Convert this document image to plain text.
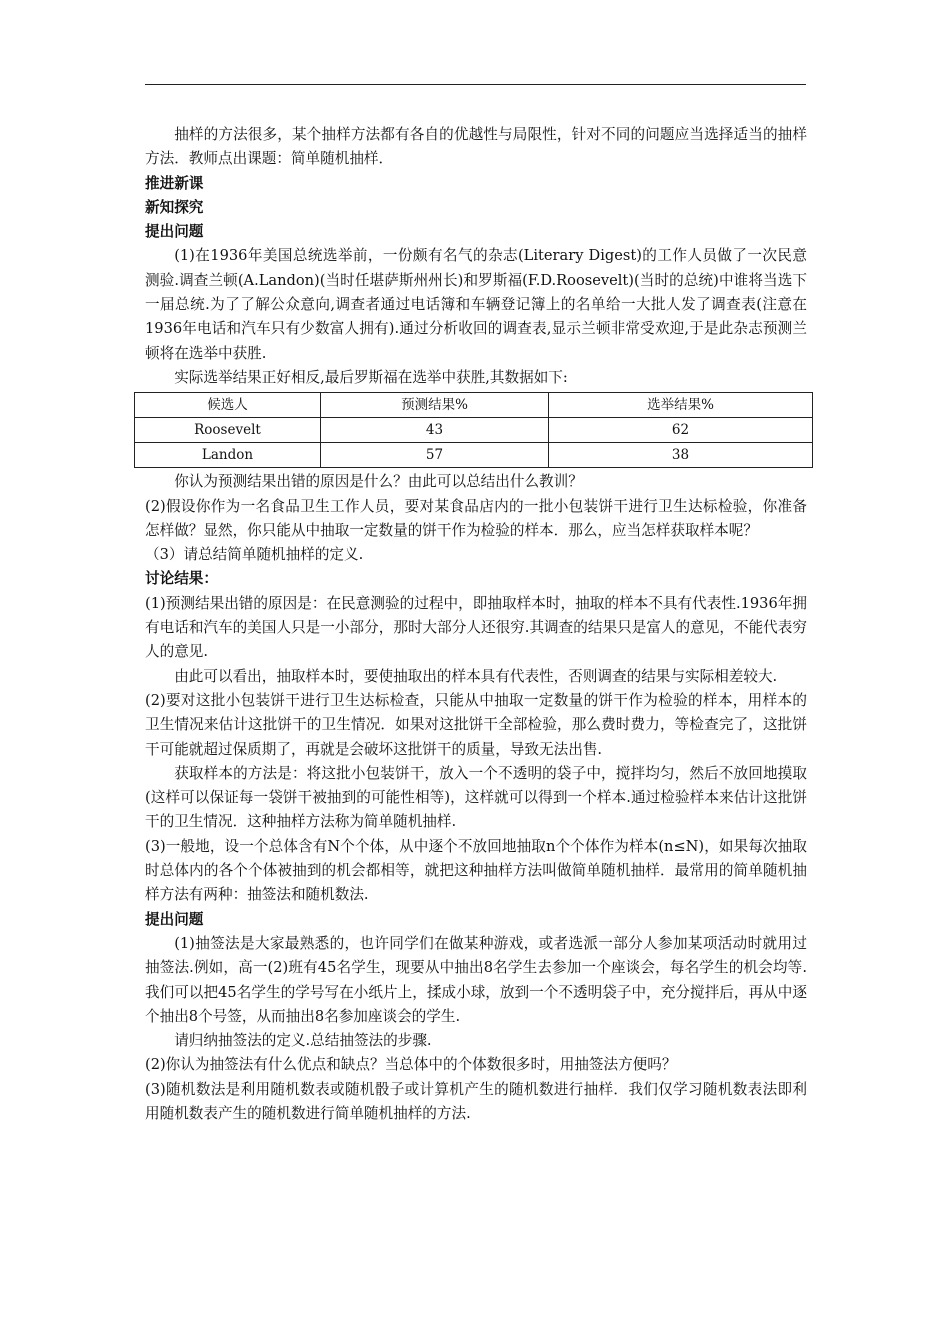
抽样的方法很多，某个抽样方法都有各自的优越性与局限性，针对不同的问题应当选择适当的抽样方法．教师点出课题：简单随机抽样．

推进新课

新知探究

提出问题

(1)在1936年美国总统选举前，一份颇有名气的杂志(Literary Digest)的工作人员做了一次民意测验.调查兰顿(A.Landon)(当时任堪萨斯州州长)和罗斯福(F.D.Roosevelt)(当时的总统)中谁将当选下一届总统.为了了解公众意向,调查者通过电话簿和车辆登记簿上的名单给一大批人发了调查表(注意在1936年电话和汽车只有少数富人拥有).通过分析收回的调查表,显示兰顿非常受欢迎,于是此杂志预测兰顿将在选举中获胜.

实际选举结果正好相反,最后罗斯福在选举中获胜,其数据如下:

候选人	预测结果%	选举结果%
Roosevelt	43	62
Landon	57	38

你认为预测结果出错的原因是什么？由此可以总结出什么教训？

(2)假设你作为一名食品卫生工作人员，要对某食品店内的一批小包装饼干进行卫生达标检验，你准备怎样做？显然，你只能从中抽取一定数量的饼干作为检验的样本．那么，应当怎样获取样本呢？

（3）请总结简单随机抽样的定义.

讨论结果：

(1)预测结果出错的原因是：在民意测验的过程中，即抽取样本时，抽取的样本不具有代表性.1936年拥有电话和汽车的美国人只是一小部分，那时大部分人还很穷.其调查的结果只是富人的意见，不能代表穷人的意见.

由此可以看出，抽取样本时，要使抽取出的样本具有代表性，否则调查的结果与实际相差较大.

(2)要对这批小包装饼干进行卫生达标检查，只能从中抽取一定数量的饼干作为检验的样本，用样本的卫生情况来估计这批饼干的卫生情况．如果对这批饼干全部检验，那么费时费力，等检查完了，这批饼干可能就超过保质期了，再就是会破坏这批饼干的质量，导致无法出售.

获取样本的方法是：将这批小包装饼干，放入一个不透明的袋子中，搅拌均匀，然后不放回地摸取(这样可以保证每一袋饼干被抽到的可能性相等)，这样就可以得到一个样本.通过检验样本来估计这批饼干的卫生情况．这种抽样方法称为简单随机抽样.

(3)一般地，设一个总体含有N个个体，从中逐个不放回地抽取n个个体作为样本(n≤N)，如果每次抽取时总体内的各个个体被抽到的机会都相等，就把这种抽样方法叫做简单随机抽样．最常用的简单随机抽样方法有两种：抽签法和随机数法.

提出问题

(1)抽签法是大家最熟悉的，也许同学们在做某种游戏，或者选派一部分人参加某项活动时就用过抽签法.例如，高一(2)班有45名学生，现要从中抽出8名学生去参加一个座谈会，每名学生的机会均等.我们可以把45名学生的学号写在小纸片上，揉成小球，放到一个不透明袋子中，充分搅拌后，再从中逐个抽出8个号签，从而抽出8名参加座谈会的学生.

请归纳抽签法的定义.总结抽签法的步骤.

(2)你认为抽签法有什么优点和缺点？当总体中的个体数很多时，用抽签法方便吗？

(3)随机数法是利用随机数表或随机骰子或计算机产生的随机数进行抽样．我们仅学习随机数表法即利用随机数表产生的随机数进行简单随机抽样的方法.
